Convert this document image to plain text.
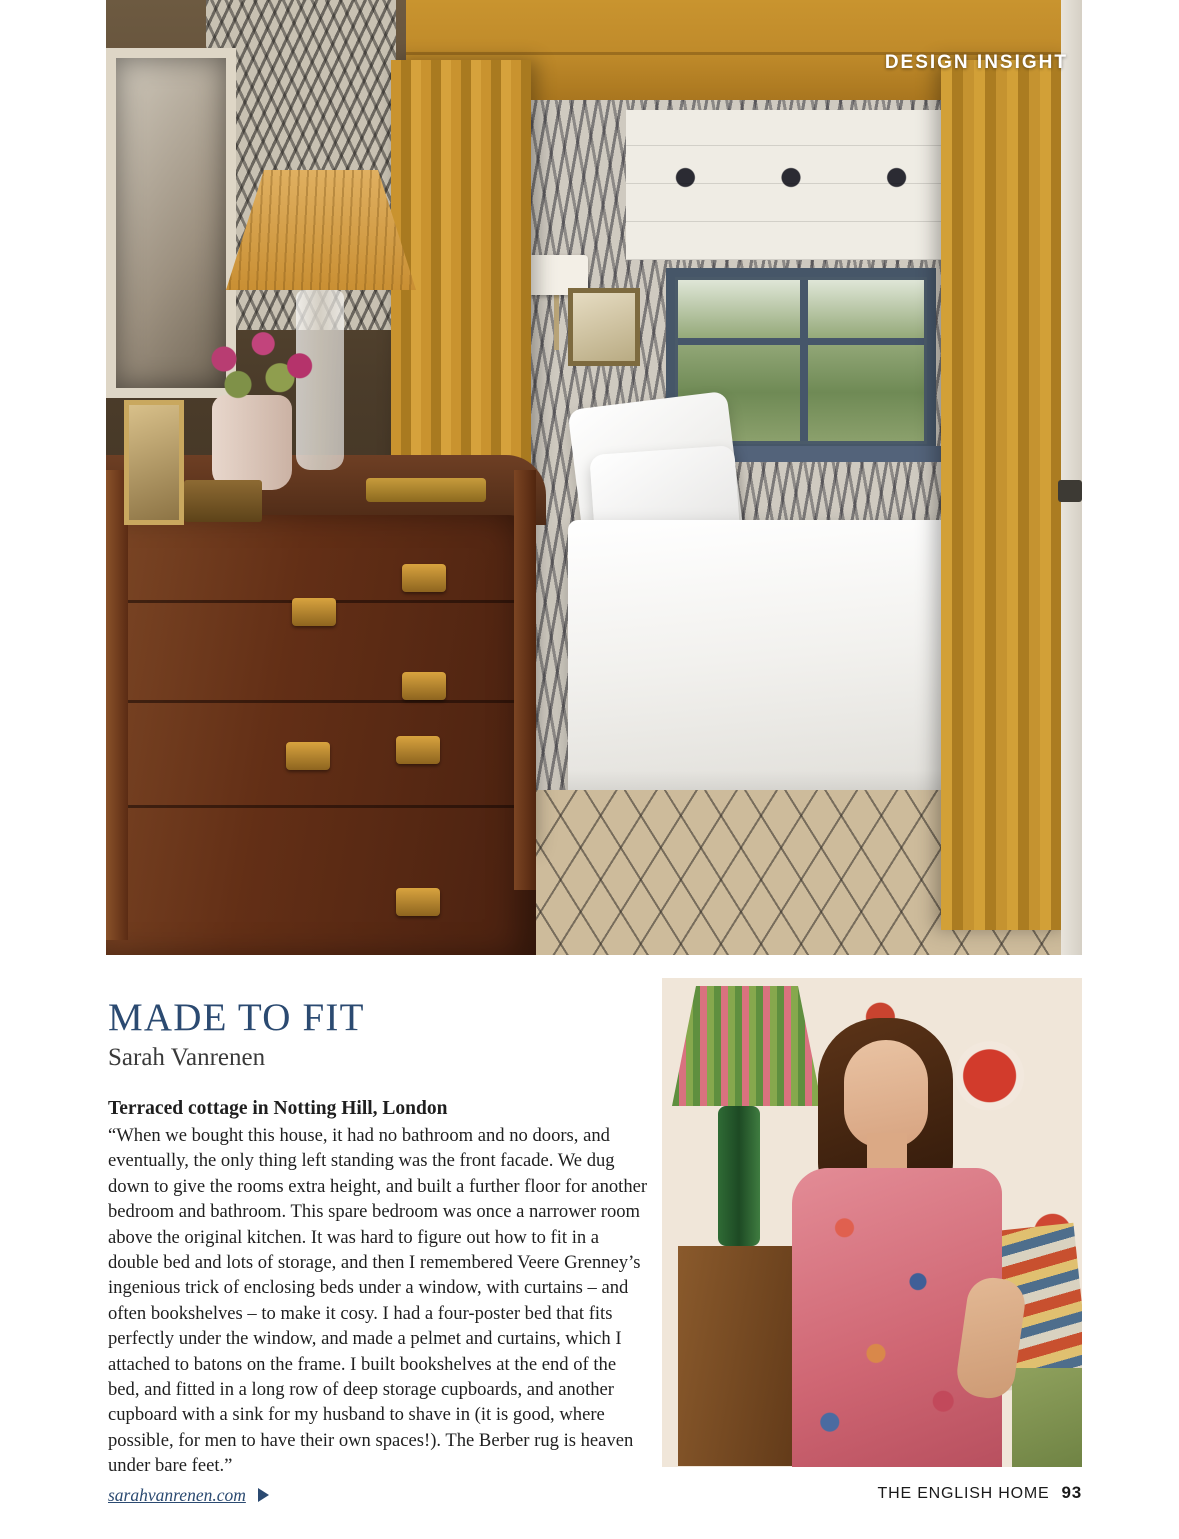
DESIGN INSIGHT
MADE TO FIT
Sarah Vanrenen

Terraced cottage in Notting Hill, London

“When we bought this house, it had no bathroom and no doors, and eventually, the only thing left standing was the front facade. We dug down to give the rooms extra height, and built a further floor for another bedroom and bathroom. This spare bedroom was once a narrower room above the original kitchen. It was hard to figure out how to fit in a double bed and lots of storage, and then I remembered Veere Grenney’s ingenious trick of enclosing beds under a window, with curtains – and often bookshelves – to make it cosy. I had a four-poster bed that fits perfectly under the window, and made a pelmet and curtains, which I attached to batons on the frame. I built bookshelves at the end of the bed, and fitted in a long row of deep storage cupboards, and another cupboard with a sink for my husband to shave in (it is good, where possible, for men to have their own spaces!). The Berber rug is heaven under bare feet.”

sarahvanrenen.com	THE ENGLISH HOME 93
